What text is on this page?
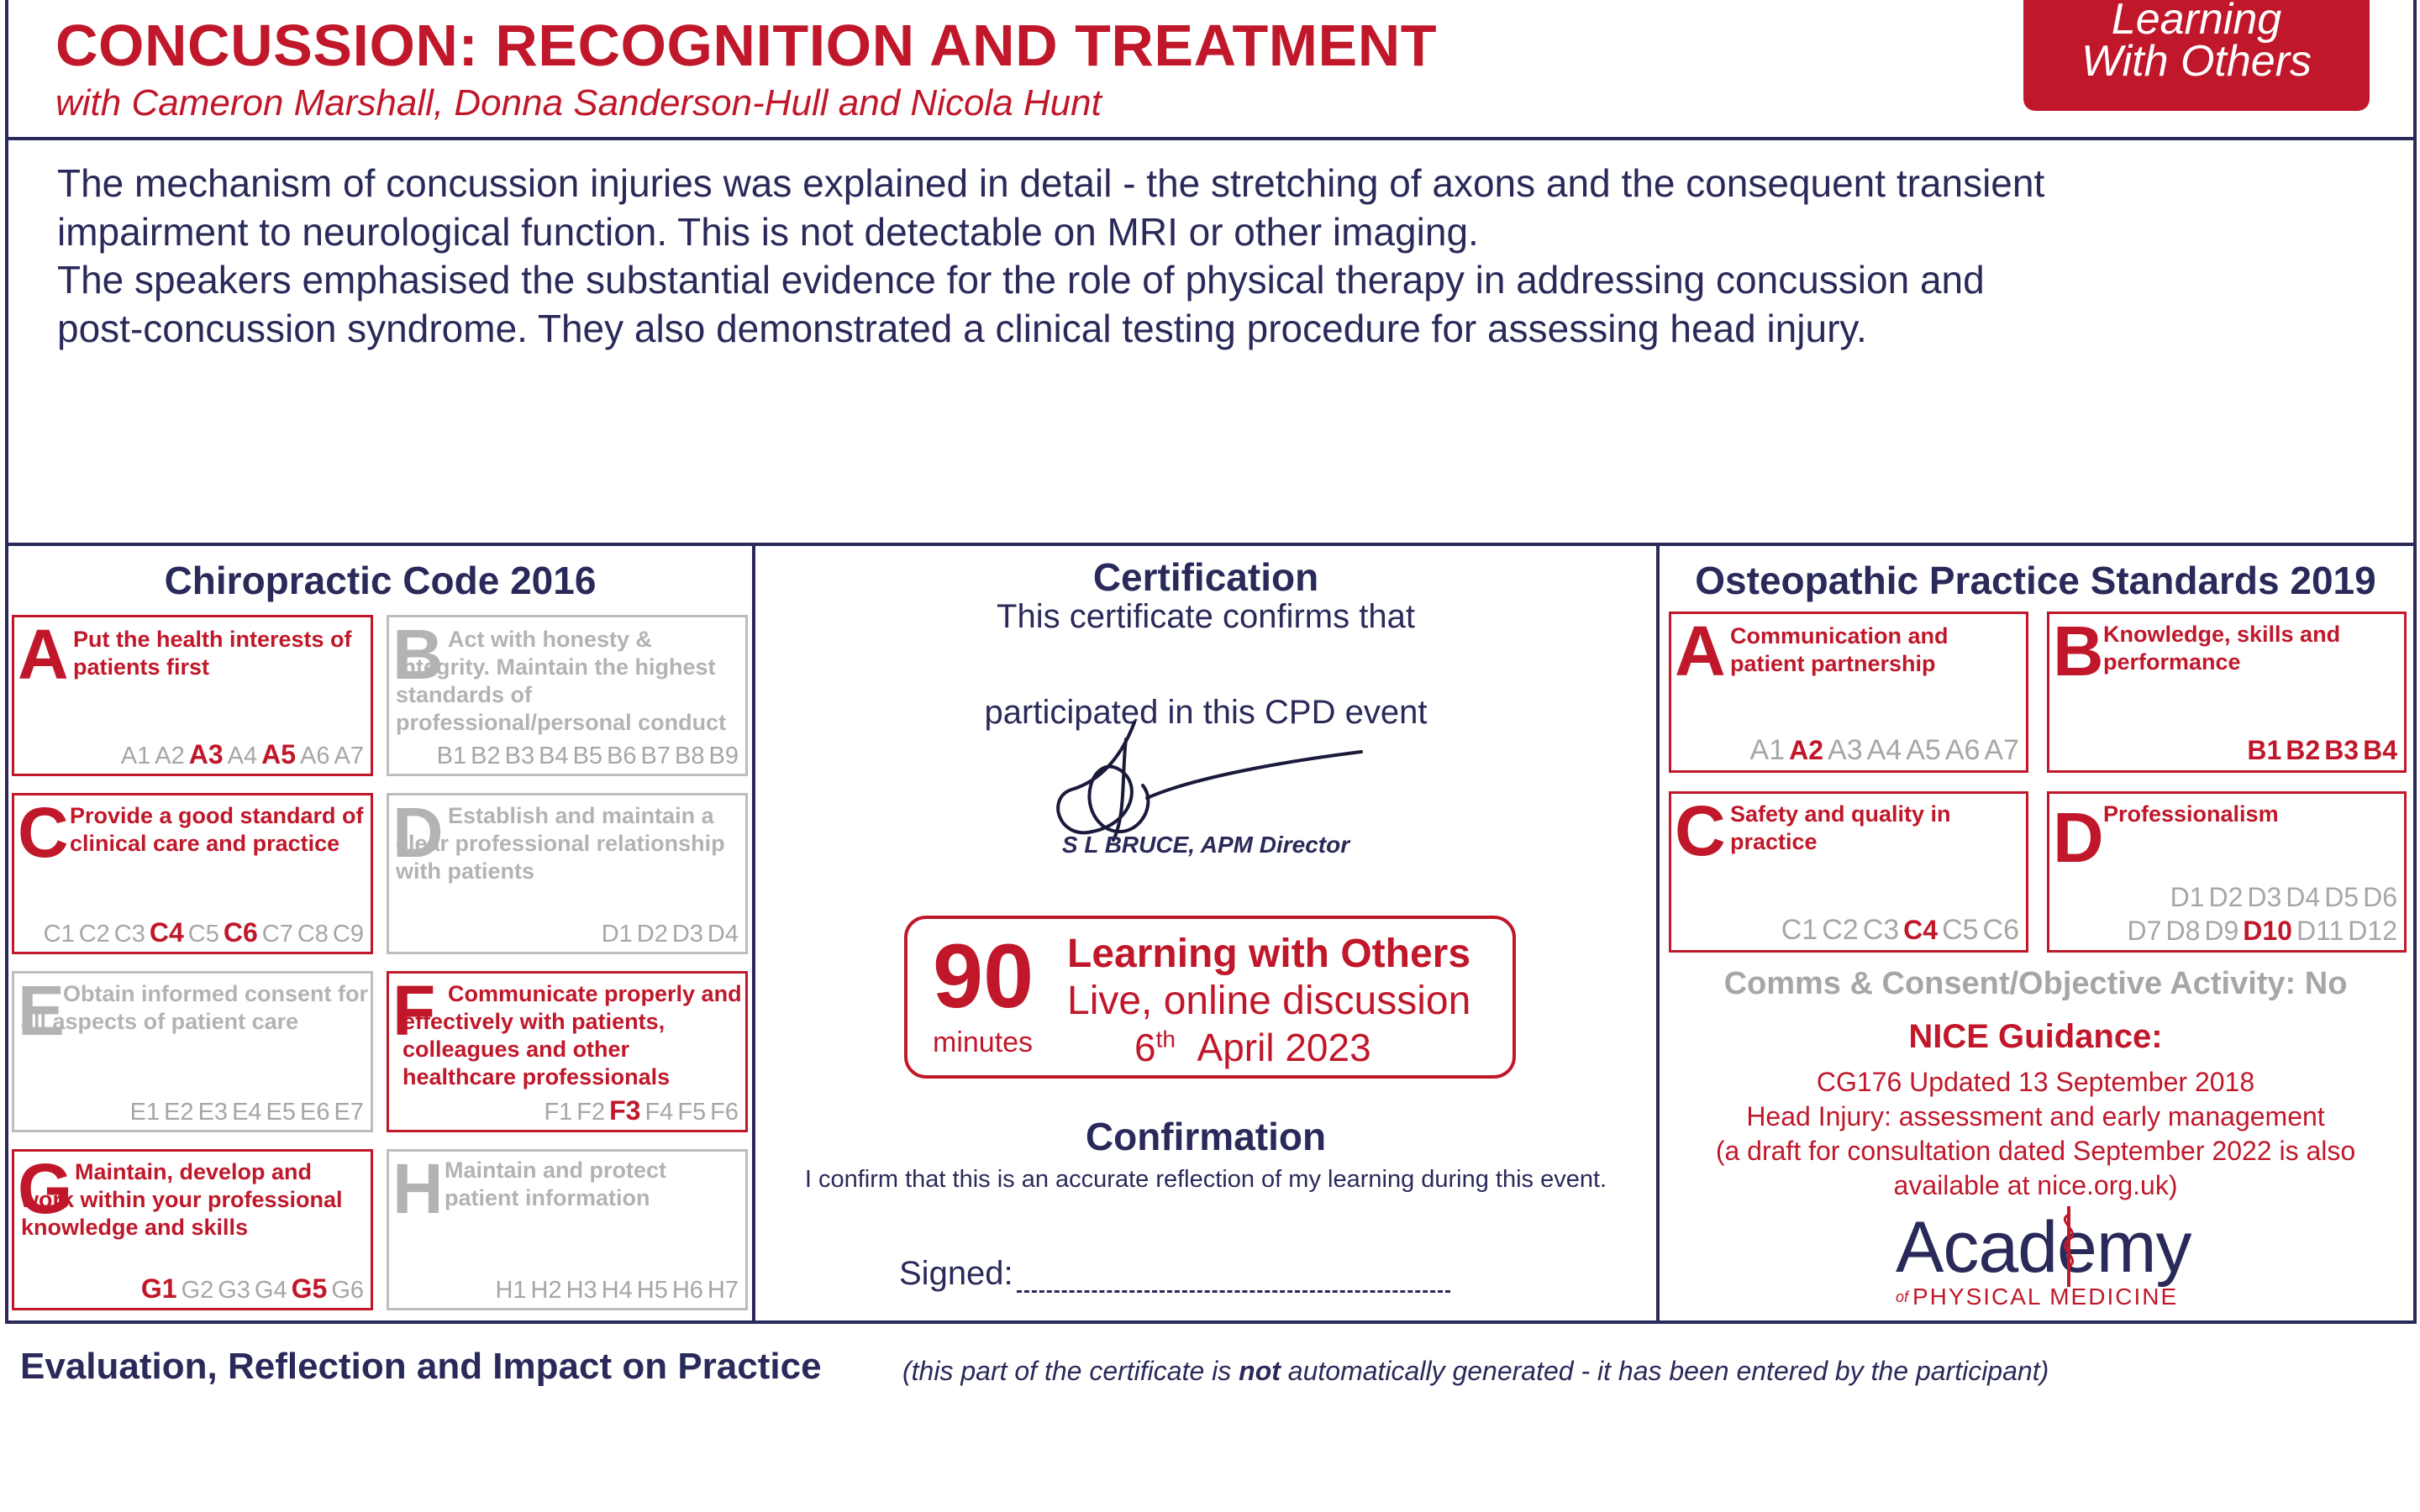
CONCUSSION: RECOGNITION AND TREATMENT
with Cameron Marshall, Donna Sanderson-Hull and Nicola Hunt
Learning
With Others

The mechanism of concussion injuries was explained in detail - the stretching of axons and the consequent transient

impairment to neurological function. This is not detectable on MRI or other imaging.

The speakers emphasised the substantial evidence for the role of physical therapy in addressing concussion and

post-concussion syndrome. They also demonstrated a clinical testing procedure for assessing head injury.

Chiropractic Code 2016
A Put the health interests of patients first
A1 A2 A3 A4 A5 A6 A7
B Act with honesty & integrity. Maintain the highest standards of professional/personal conduct
B1 B2 B3 B4 B5 B6 B7 B8 B9
C Provide a good standard of clinical care and practice
C1 C2 C3 C4 C5 C6 C7 C8 C9
D Establish and maintain a clear professional relationship with patients
D1 D2 D3 D4
E
Obtain informed consent for all aspects of patient care
E1 E2 E3 E4 E5 E6 E7
F Communicate properly and effectively with patients, colleagues and other healthcare professionals
F1 F2 F3 F4 F5 F6
G Maintain, develop and work within your professional knowledge and skills
G1 G2 G3 G4 G5 G6
H Maintain and protect patient information
H1 H2 H3 H4 H5 H6 H7
Certification
This certificate confirms that
participated in this CPD event
S L BRUCE, APM Director
90
minutes
Learning with Others
Live, online discussion
6th April 2023
Confirmation
I confirm that this is an accurate reflection of my learning during this event.
Signed:
Osteopathic Practice Standards 2019
A Communication and patient partnership
A1 A2 A3 A4 A5 A6 A7
B Knowledge, skills and performance
B1 B2 B3 B4
C Safety and quality in practice
C1 C2 C3 C4 C5 C6
D Professionalism
D1 D2 D3 D4 D5 D6
D7 D8 D9 D10 D11 D12
Comms & Consent/Objective Activity: No
NICE Guidance:
CG176 Updated 13 September 2018
Head Injury: assessment and early management
(a draft for consultation dated September 2022 is also
available at nice.org.uk)
Academy
of PHYSICAL MEDICINE
Evaluation, Reflection and Impact on Practice	(this part of the certificate is not automatically generated - it has been entered by the participant)
